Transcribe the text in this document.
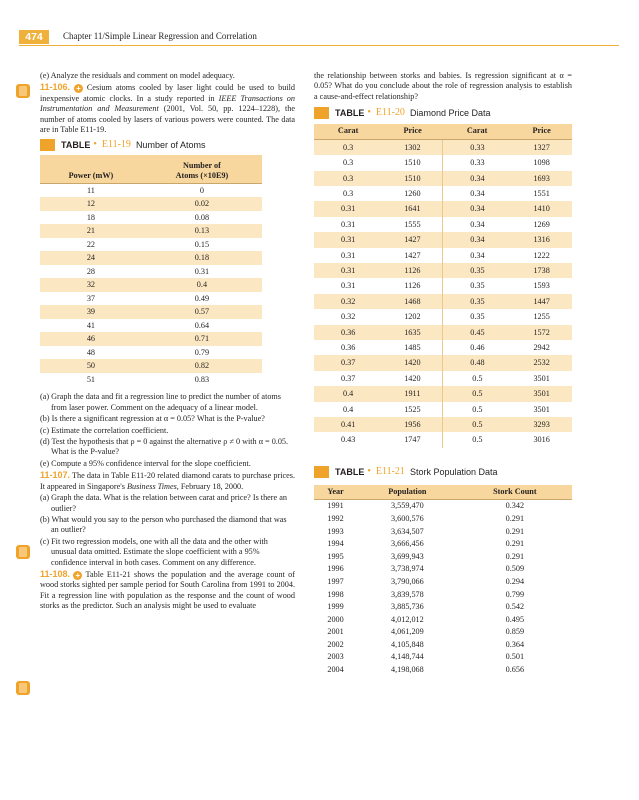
474	Chapter 11/Simple Linear Regression and Correlation

(e) Analyze the residuals and comment on model adequacy.

11-106. + Cesium atoms cooled by laser light could be used to build inexpensive atomic clocks. In a study reported in IEEE Transactions on Instrumentation and Measurement (2001, Vol. 50, pp. 1224–1228), the number of atoms cooled by lasers of various powers were counted. The data are in Table E11-19.

TABLE • E11-19 Number of Atoms
Power (mW)	Number of
Atoms (×10E9)
11	0
12	0.02
18	0.08
21	0.13
22	0.15
24	0.18
28	0.31
32	0.4
37	0.49
39	0.57
41	0.64
46	0.71
48	0.79
50	0.82
51	0.83

(a) Graph the data and fit a regression line to predict the number of atoms from laser power. Comment on the adequacy of a linear model.

(b) Is there a significant regression at α = 0.05? What is the P-value?

(c) Estimate the correlation coefficient.

(d) Test the hypothesis that ρ = 0 against the alternative ρ ≠ 0 with α = 0.05. What is the P-value?

(e) Compute a 95% confidence interval for the slope coefficient.

11-107. The data in Table E11-20 related diamond carats to purchase prices. It appeared in Singapore's Business Times, February 18, 2000.

(a) Graph the data. What is the relation between carat and price? Is there an outlier?

(b) What would you say to the person who purchased the diamond that was an outlier?

(c) Fit two regression models, one with all the data and the other with unusual data omitted. Estimate the slope coefficient with a 95% confidence interval in both cases. Comment on any difference.

11-108. + Table E11-21 shows the population and the average count of wood storks sighted per sample period for South Carolina from 1991 to 2004. Fit a regression line with population as the response and the count of wood storks as the predictor. Such an analysis might be used to evaluate

the relationship between storks and babies. Is regression significant at α = 0.05? What do you conclude about the role of regression analysis to establish a cause-and-effect relationship?

TABLE • E11-20 Diamond Price Data
Carat	Price	Carat	Price
0.3	1302	0.33	1327
0.3	1510	0.33	1098
0.3	1510	0.34	1693
0.3	1260	0.34	1551
0.31	1641	0.34	1410
0.31	1555	0.34	1269
0.31	1427	0.34	1316
0.31	1427	0.34	1222
0.31	1126	0.35	1738
0.31	1126	0.35	1593
0.32	1468	0.35	1447
0.32	1202	0.35	1255
0.36	1635	0.45	1572
0.36	1485	0.46	2942
0.37	1420	0.48	2532
0.37	1420	0.5	3501
0.4	1911	0.5	3501
0.4	1525	0.5	3501
0.41	1956	0.5	3293
0.43	1747	0.5	3016
TABLE • E11-21 Stork Population Data
Year	Population	Stork Count
1991	3,559,470	0.342
1992	3,600,576	0.291
1993	3,634,507	0.291
1994	3,666,456	0.291
1995	3,699,943	0.291
1996	3,738,974	0.509
1997	3,790,066	0.294
1998	3,839,578	0.799
1999	3,885,736	0.542
2000	4,012,012	0.495
2001	4,061,209	0.859
2002	4,105,848	0.364
2003	4,148,744	0.501
2004	4,198,068	0.656
